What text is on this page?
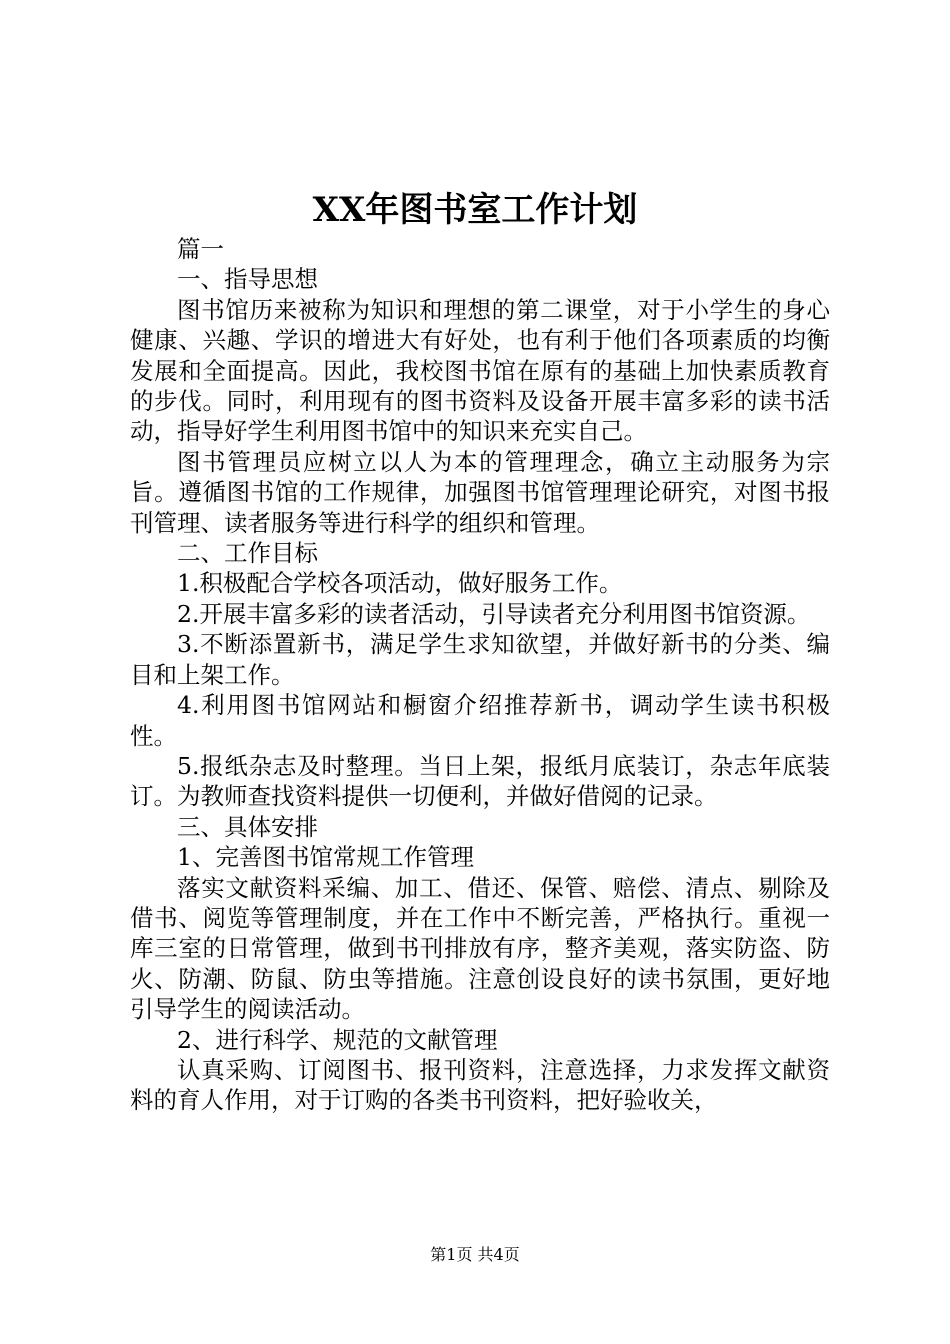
XX年图书室工作计划

篇一

一、指导思想

图书馆历来被称为知识和理想的第二课堂，对于小学生的身心健康、兴趣、学识的增进大有好处，也有利于他们各项素质的均衡发展和全面提高。因此，我校图书馆在原有的基础上加快素质教育的步伐。同时，利用现有的图书资料及设备开展丰富多彩的读书活动，指导好学生利用图书馆中的知识来充实自己。

图书管理员应树立以人为本的管理理念，确立主动服务为宗旨。遵循图书馆的工作规律，加强图书馆管理理论研究，对图书报刊管理、读者服务等进行科学的组织和管理。

二、工作目标

1.积极配合学校各项活动，做好服务工作。

2.开展丰富多彩的读者活动，引导读者充分利用图书馆资源。

3.不断添置新书，满足学生求知欲望，并做好新书的分类、编目和上架工作。

4.利用图书馆网站和橱窗介绍推荐新书，调动学生读书积极性。

5.报纸杂志及时整理。当日上架，报纸月底装订，杂志年底装订。为教师查找资料提供一切便利，并做好借阅的记录。

三、具体安排

1、完善图书馆常规工作管理

落实文献资料采编、加工、借还、保管、赔偿、清点、剔除及借书、阅览等管理制度，并在工作中不断完善，严格执行。重视一库三室的日常管理，做到书刊排放有序，整齐美观，落实防盗、防火、防潮、防鼠、防虫等措施。注意创设良好的读书氛围，更好地引导学生的阅读活动。

2、进行科学、规范的文献管理

认真采购、订阅图书、报刊资料，注意选择，力求发挥文献资料的育人作用，对于订购的各类书刊资料，把好验收关，

第1页 共4页
